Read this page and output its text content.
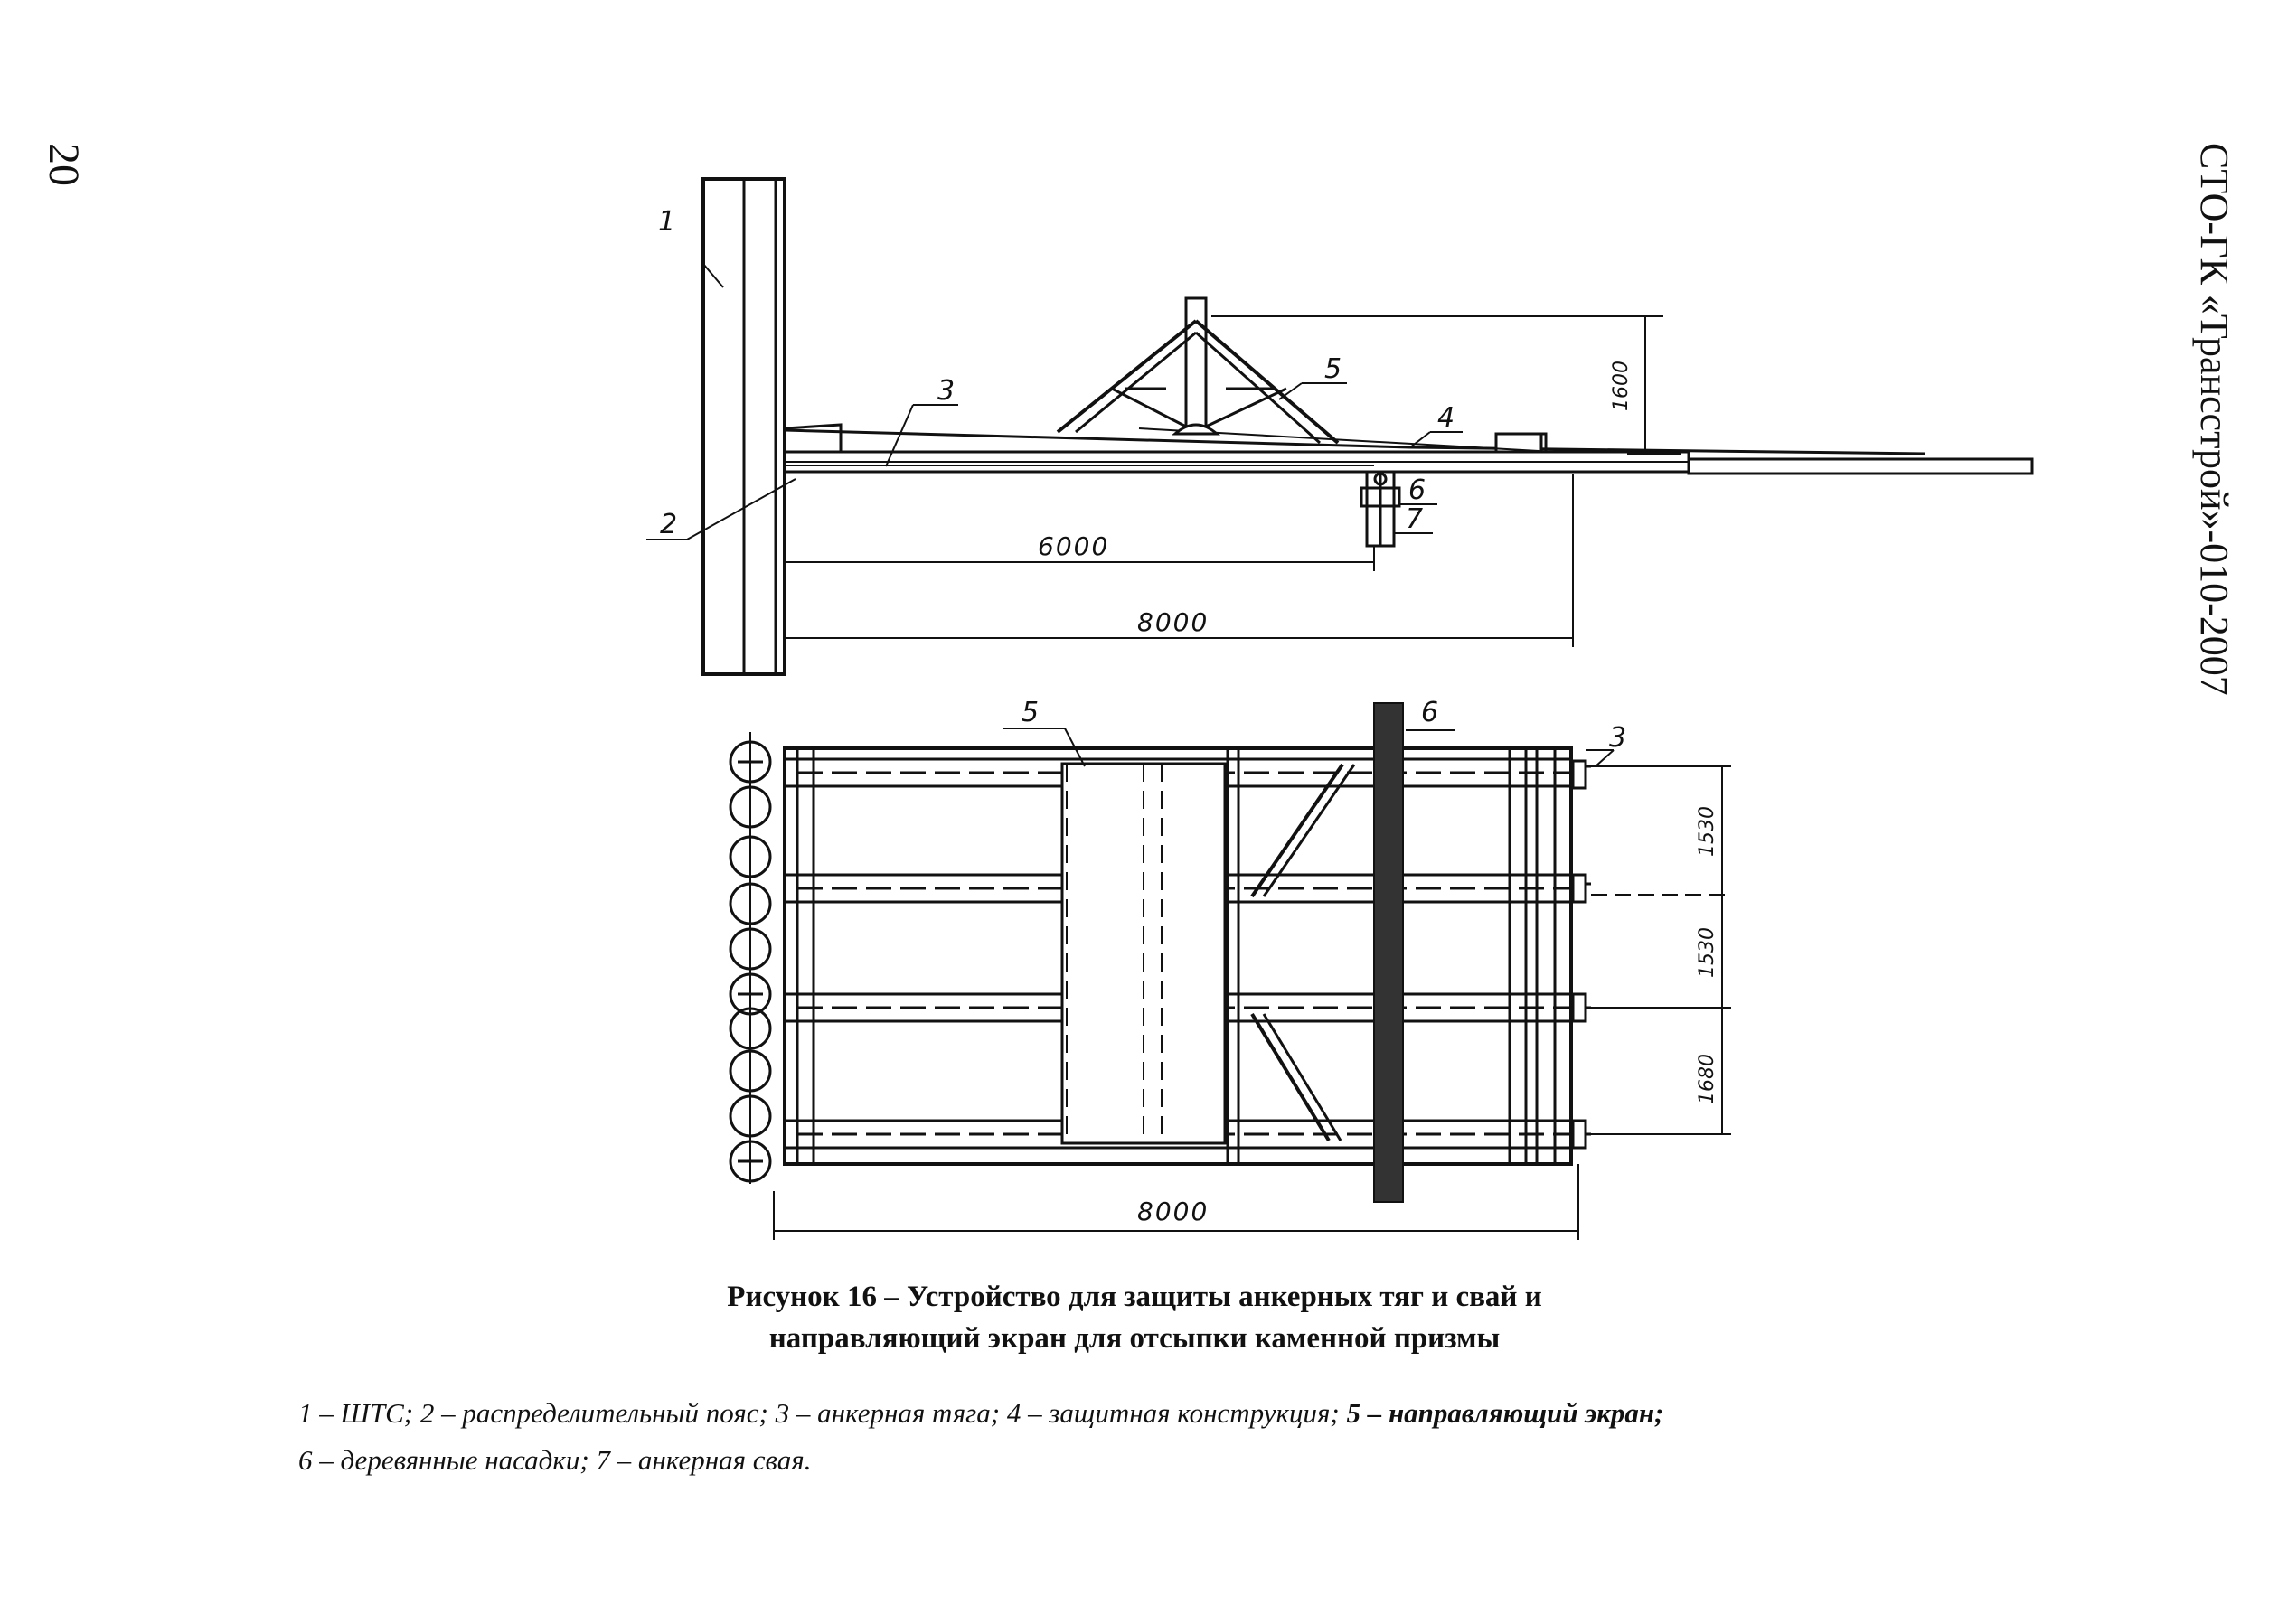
20	СТО-ГК «Трансстрой»-010-2007
1
2
3
4
5
6
7
6000
8000
1600
5	6
3
8000
1530
1530
1680
Рисунок 16 – Устройство для защиты анкерных тяг и свай и
направляющий экран для отсыпки каменной призмы
1 – ШТС; 2 – распределительный пояс; 3 – анкерная тяга; 4 – защитная конструкция; 5 – направляющий экран;
6 – деревянные насадки; 7 – анкерная свая.
